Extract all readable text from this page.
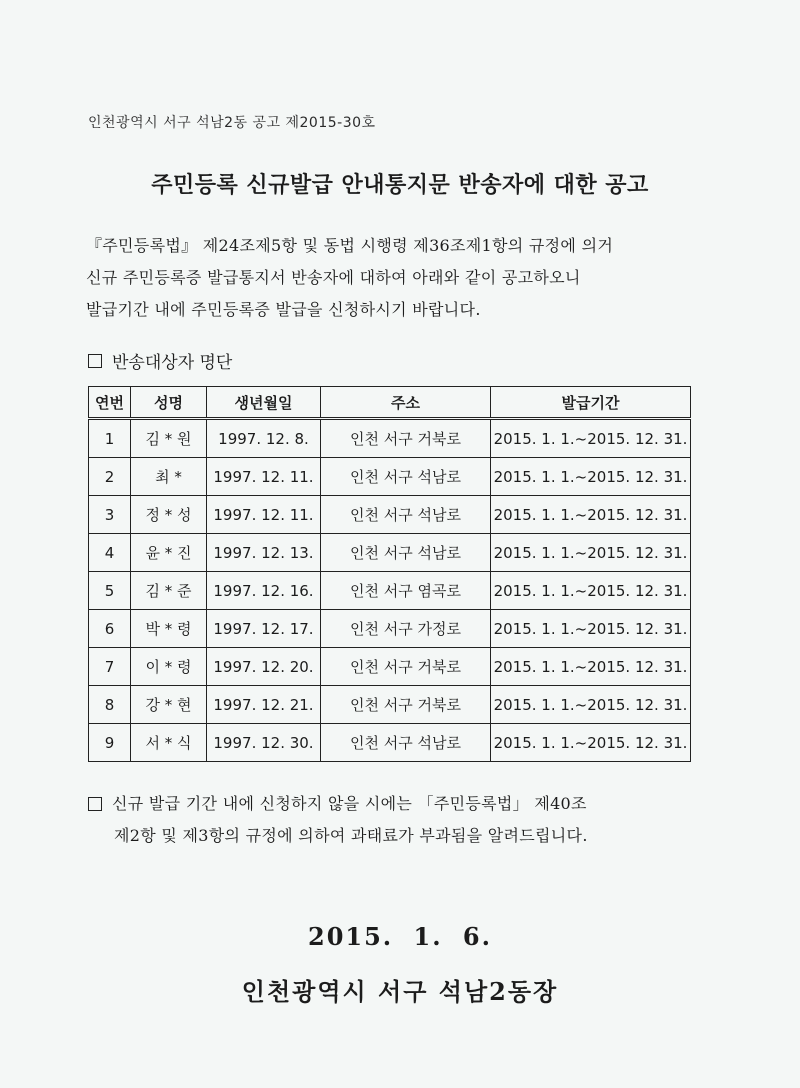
인천광역시 서구 석남2동 공고 제2015-30호
주민등록 신규발급 안내통지문 반송자에 대한 공고
『주민등록법』 제24조제5항 및 동법 시행령 제36조제1항의 규정에 의거
신규 주민등록증 발급통지서 반송자에 대하여 아래와 같이 공고하오니
발급기간 내에 주민등록증 발급을 신청하시기 바랍니다.
반송대상자 명단
연번	성명	생년월일	주소	발급기간
1	김 * 원	1997. 12. 8.	인천 서구 거북로	2015. 1. 1.~2015. 12. 31.
2	최 *	1997. 12. 11.	인천 서구 석남로	2015. 1. 1.~2015. 12. 31.
3	정 * 성	1997. 12. 11.	인천 서구 석남로	2015. 1. 1.~2015. 12. 31.
4	윤 * 진	1997. 12. 13.	인천 서구 석남로	2015. 1. 1.~2015. 12. 31.
5	김 * 준	1997. 12. 16.	인천 서구 염곡로	2015. 1. 1.~2015. 12. 31.
6	박 * 령	1997. 12. 17.	인천 서구 가정로	2015. 1. 1.~2015. 12. 31.
7	이 * 령	1997. 12. 20.	인천 서구 거북로	2015. 1. 1.~2015. 12. 31.
8	강 * 현	1997. 12. 21.	인천 서구 거북로	2015. 1. 1.~2015. 12. 31.
9	서 * 식	1997. 12. 30.	인천 서구 석남로	2015. 1. 1.~2015. 12. 31.
신규 발급 기간 내에 신청하지 않을 시에는 「주민등록법」 제40조
제2항 및 제3항의 규정에 의하여 과태료가 부과됨을 알려드립니다.
2015. 1. 6.
인천광역시 서구 석남2동장
